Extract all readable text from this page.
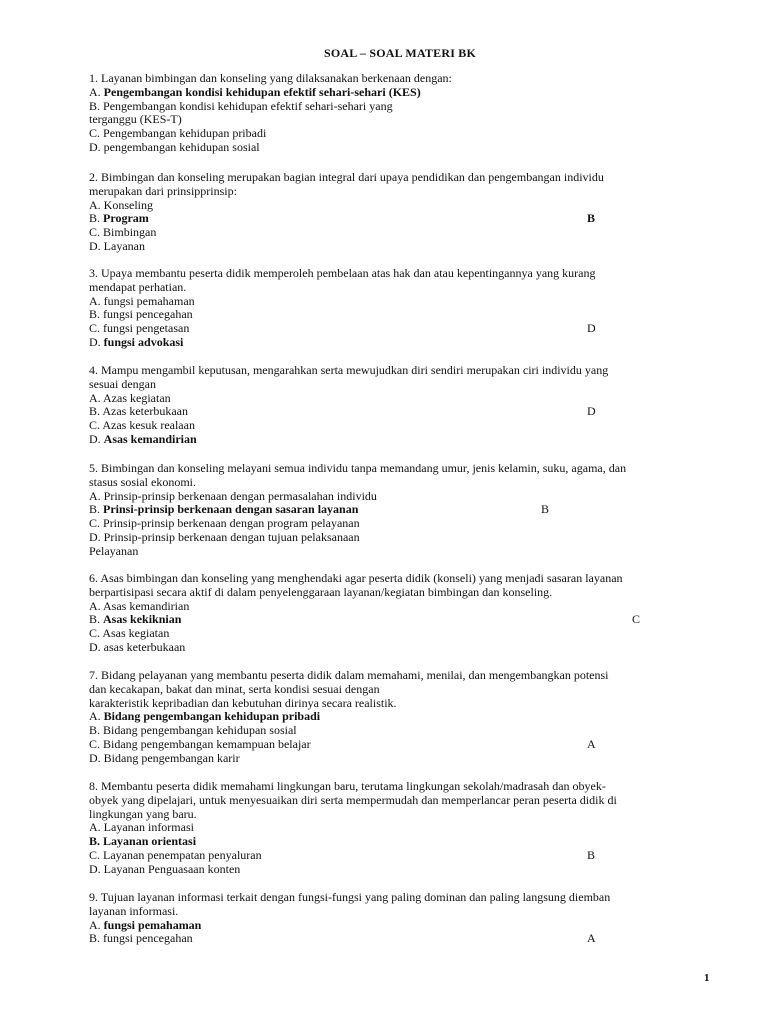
SOAL – SOAL MATERI BK
1. Layanan bimbingan dan konseling yang dilaksanakan berkenaan dengan:
A. Pengembangan kondisi kehidupan efektif sehari-sehari (KES)
B. Pengembangan kondisi kehidupan efektif sehari-sehari yang
terganggu (KES-T)
C. Pengembangan kehidupan pribadi
D. pengembangan kehidupan sosial
2. Bimbingan dan konseling merupakan bagian integral dari upaya pendidikan dan pengembangan individu
merupakan dari prinsipprinsip:
A. Konseling
B. Program	B
C. Bimbingan
D. Layanan
3. Upaya membantu peserta didik memperoleh pembelaan atas hak dan atau kepentingannya yang kurang
mendapat perhatian.
A. fungsi pemahaman
B. fungsi pencegahan
C. fungsi pengetasan	D
D. fungsi advokasi
4. Mampu mengambil keputusan, mengarahkan serta mewujudkan diri sendiri merupakan ciri individu yang
sesuai dengan
A. Azas kegiatan
B. Azas keterbukaan	D
C. Azas kesuk realaan
D. Asas kemandirian
5. Bimbingan dan konseling melayani semua individu tanpa memandang umur, jenis kelamin, suku, agama, dan
stasus sosial ekonomi.
A. Prinsip-prinsip berkenaan dengan permasalahan individu
B. Prinsi-prinsip berkenaan dengan sasaran layanan	B
C. Prinsip-prinsip berkenaan dengan program pelayanan
D. Prinsip-prinsip berkenaan dengan tujuan pelaksanaan
Pelayanan
6. Asas bimbingan dan konseling yang menghendaki agar peserta didik (konseli) yang menjadi sasaran layanan
berpartisipasi secara aktif di dalam penyelenggaraan layanan/kegiatan bimbingan dan konseling.
A. Asas kemandirian
B. Asas kekiknian	C
C. Asas kegiatan
D. asas keterbukaan
7. Bidang pelayanan yang membantu peserta didik dalam memahami, menilai, dan mengembangkan potensi
dan kecakapan, bakat dan minat, serta kondisi sesuai dengan
karakteristik kepribadian dan kebutuhan dirinya secara realistik.
A. Bidang pengembangan kehidupan pribadi
B. Bidang pengembangan kehidupan sosial
C. Bidang pengembangan kemampuan belajar	A
D. Bidang pengembangan karir
8. Membantu peserta didik memahami lingkungan baru, terutama lingkungan sekolah/madrasah dan obyek-
obyek yang dipelajari, untuk menyesuaikan diri serta mempermudah dan memperlancar peran peserta didik di
lingkungan yang baru.
A. Layanan informasi
B. Layanan orientasi
C. Layanan penempatan penyaluran	B
D. Layanan Penguasaan konten
9. Tujuan layanan informasi terkait dengan fungsi-fungsi yang paling dominan dan paling langsung diemban
layanan informasi.
A. fungsi pemahaman
B. fungsi pencegahan	A
1
